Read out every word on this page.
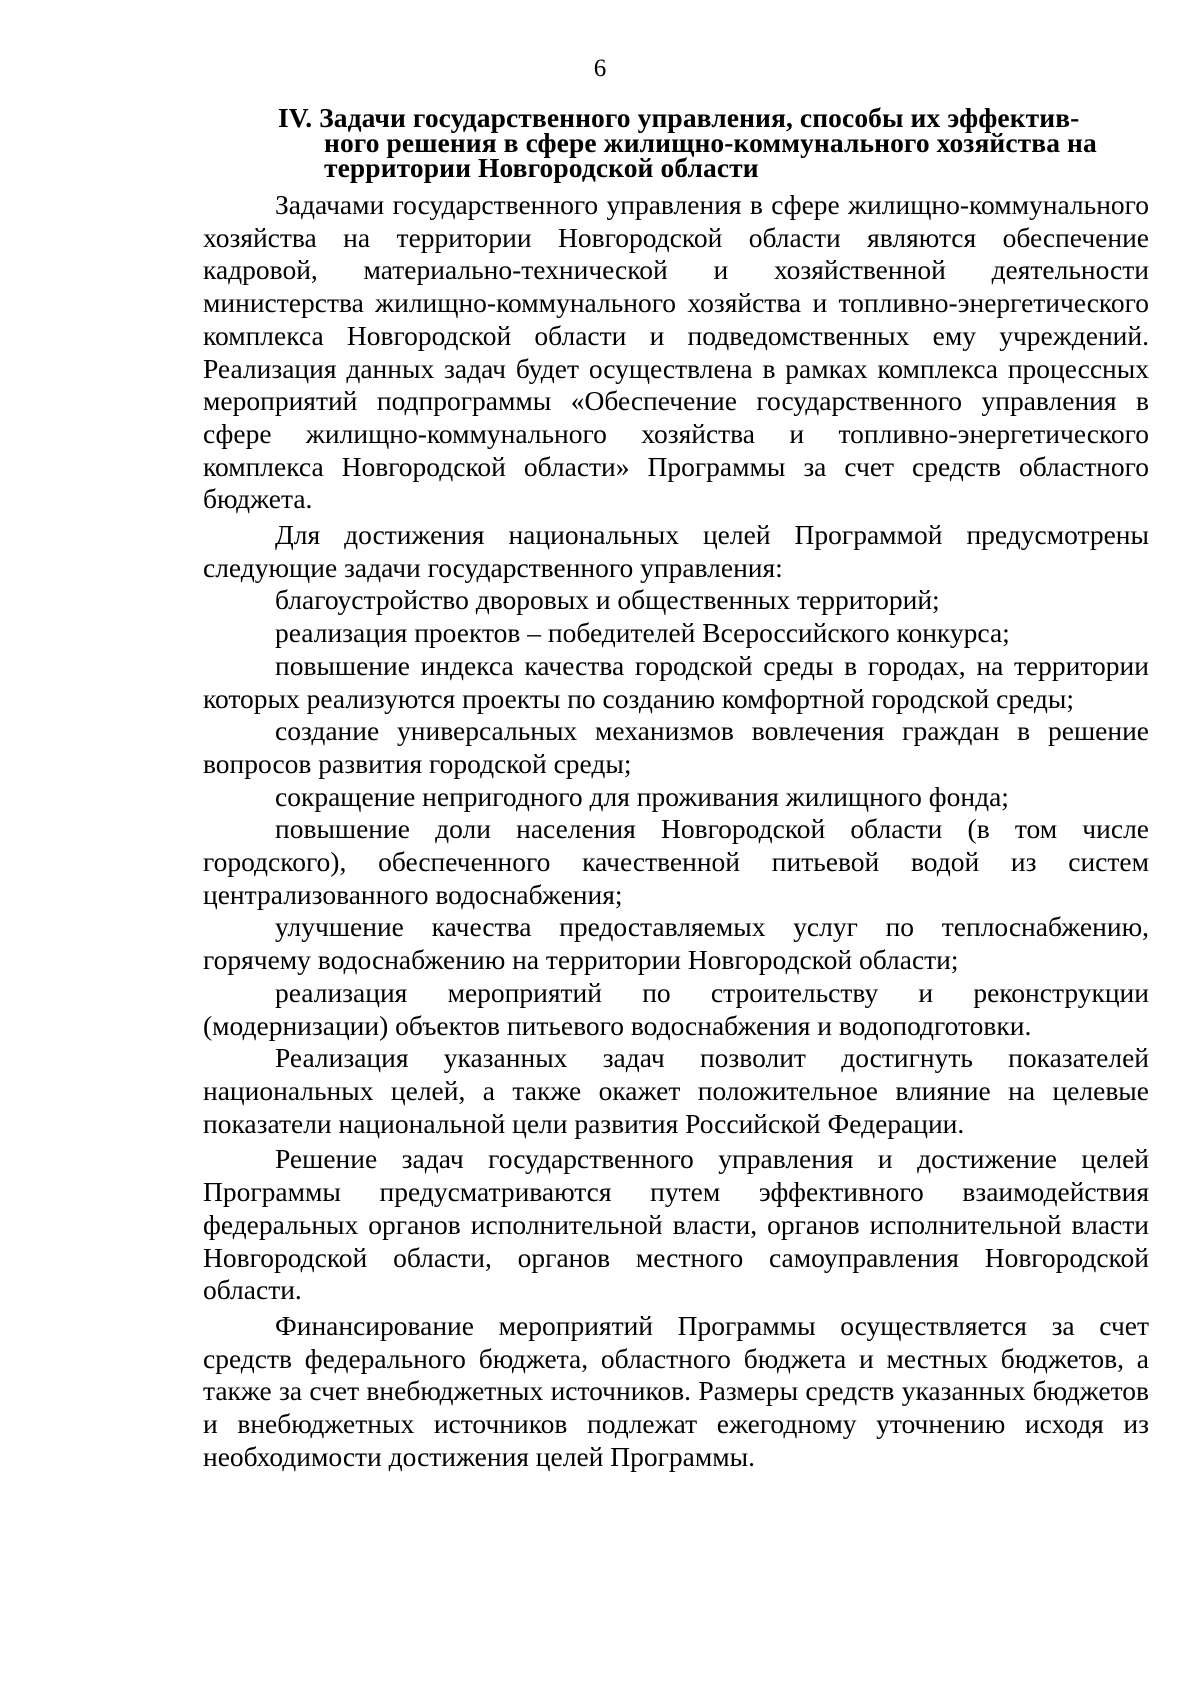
6
IV. Задачи государственного управления, способы их эффектив-
ного решения в сфере жилищно-коммунального хозяйства на
территории Новгородской области

Задачами государственного управления в сфере жилищно-коммунального хозяйства на территории Новгородской области являются обеспечение кадровой, материально-технической и хозяйственной деятельности министерства жилищно-коммунального хозяйства и топливно-энергетического комплекса Новгородской области и подведомственных ему учреждений. Реализация данных задач будет осуществлена в рамках комплекса процессных мероприятий подпрограммы «Обеспечение государственного управления в сфере жилищно-коммунального хозяйства и топливно-энергетического комплекса Новгородской области» Программы за счет средств областного бюджета.

Для достижения национальных целей Программой предусмотрены следующие задачи государственного управления:

благоустройство дворовых и общественных территорий;

реализация проектов – победителей Всероссийского конкурса;

повышение индекса качества городской среды в городах, на территории которых реализуются проекты по созданию комфортной городской среды;

создание универсальных механизмов вовлечения граждан в решение вопросов развития городской среды;

сокращение непригодного для проживания жилищного фонда;

повышение доли населения Новгородской области (в том числе городского), обеспеченного качественной питьевой водой из систем централизованного водоснабжения;

улучшение качества предоставляемых услуг по теплоснабжению, горячему водоснабжению на территории Новгородской области;

реализация мероприятий по строительству и реконструкции (модернизации) объектов питьевого водоснабжения и водоподготовки.

Реализация указанных задач позволит достигнуть показателей национальных целей, а также окажет положительное влияние на целевые показатели национальной цели развития Российской Федерации.

Решение задач государственного управления и достижение целей Программы предусматриваются путем эффективного взаимодействия федеральных органов исполнительной власти, органов исполнительной власти Новгородской области, органов местного самоуправления Новгородской области.

Финансирование мероприятий Программы осуществляется за счет средств федерального бюджета, областного бюджета и местных бюджетов, а также за счет внебюджетных источников. Размеры средств указанных бюджетов и внебюджетных источников подлежат ежегодному уточнению исходя из необходимости достижения целей Программы.
